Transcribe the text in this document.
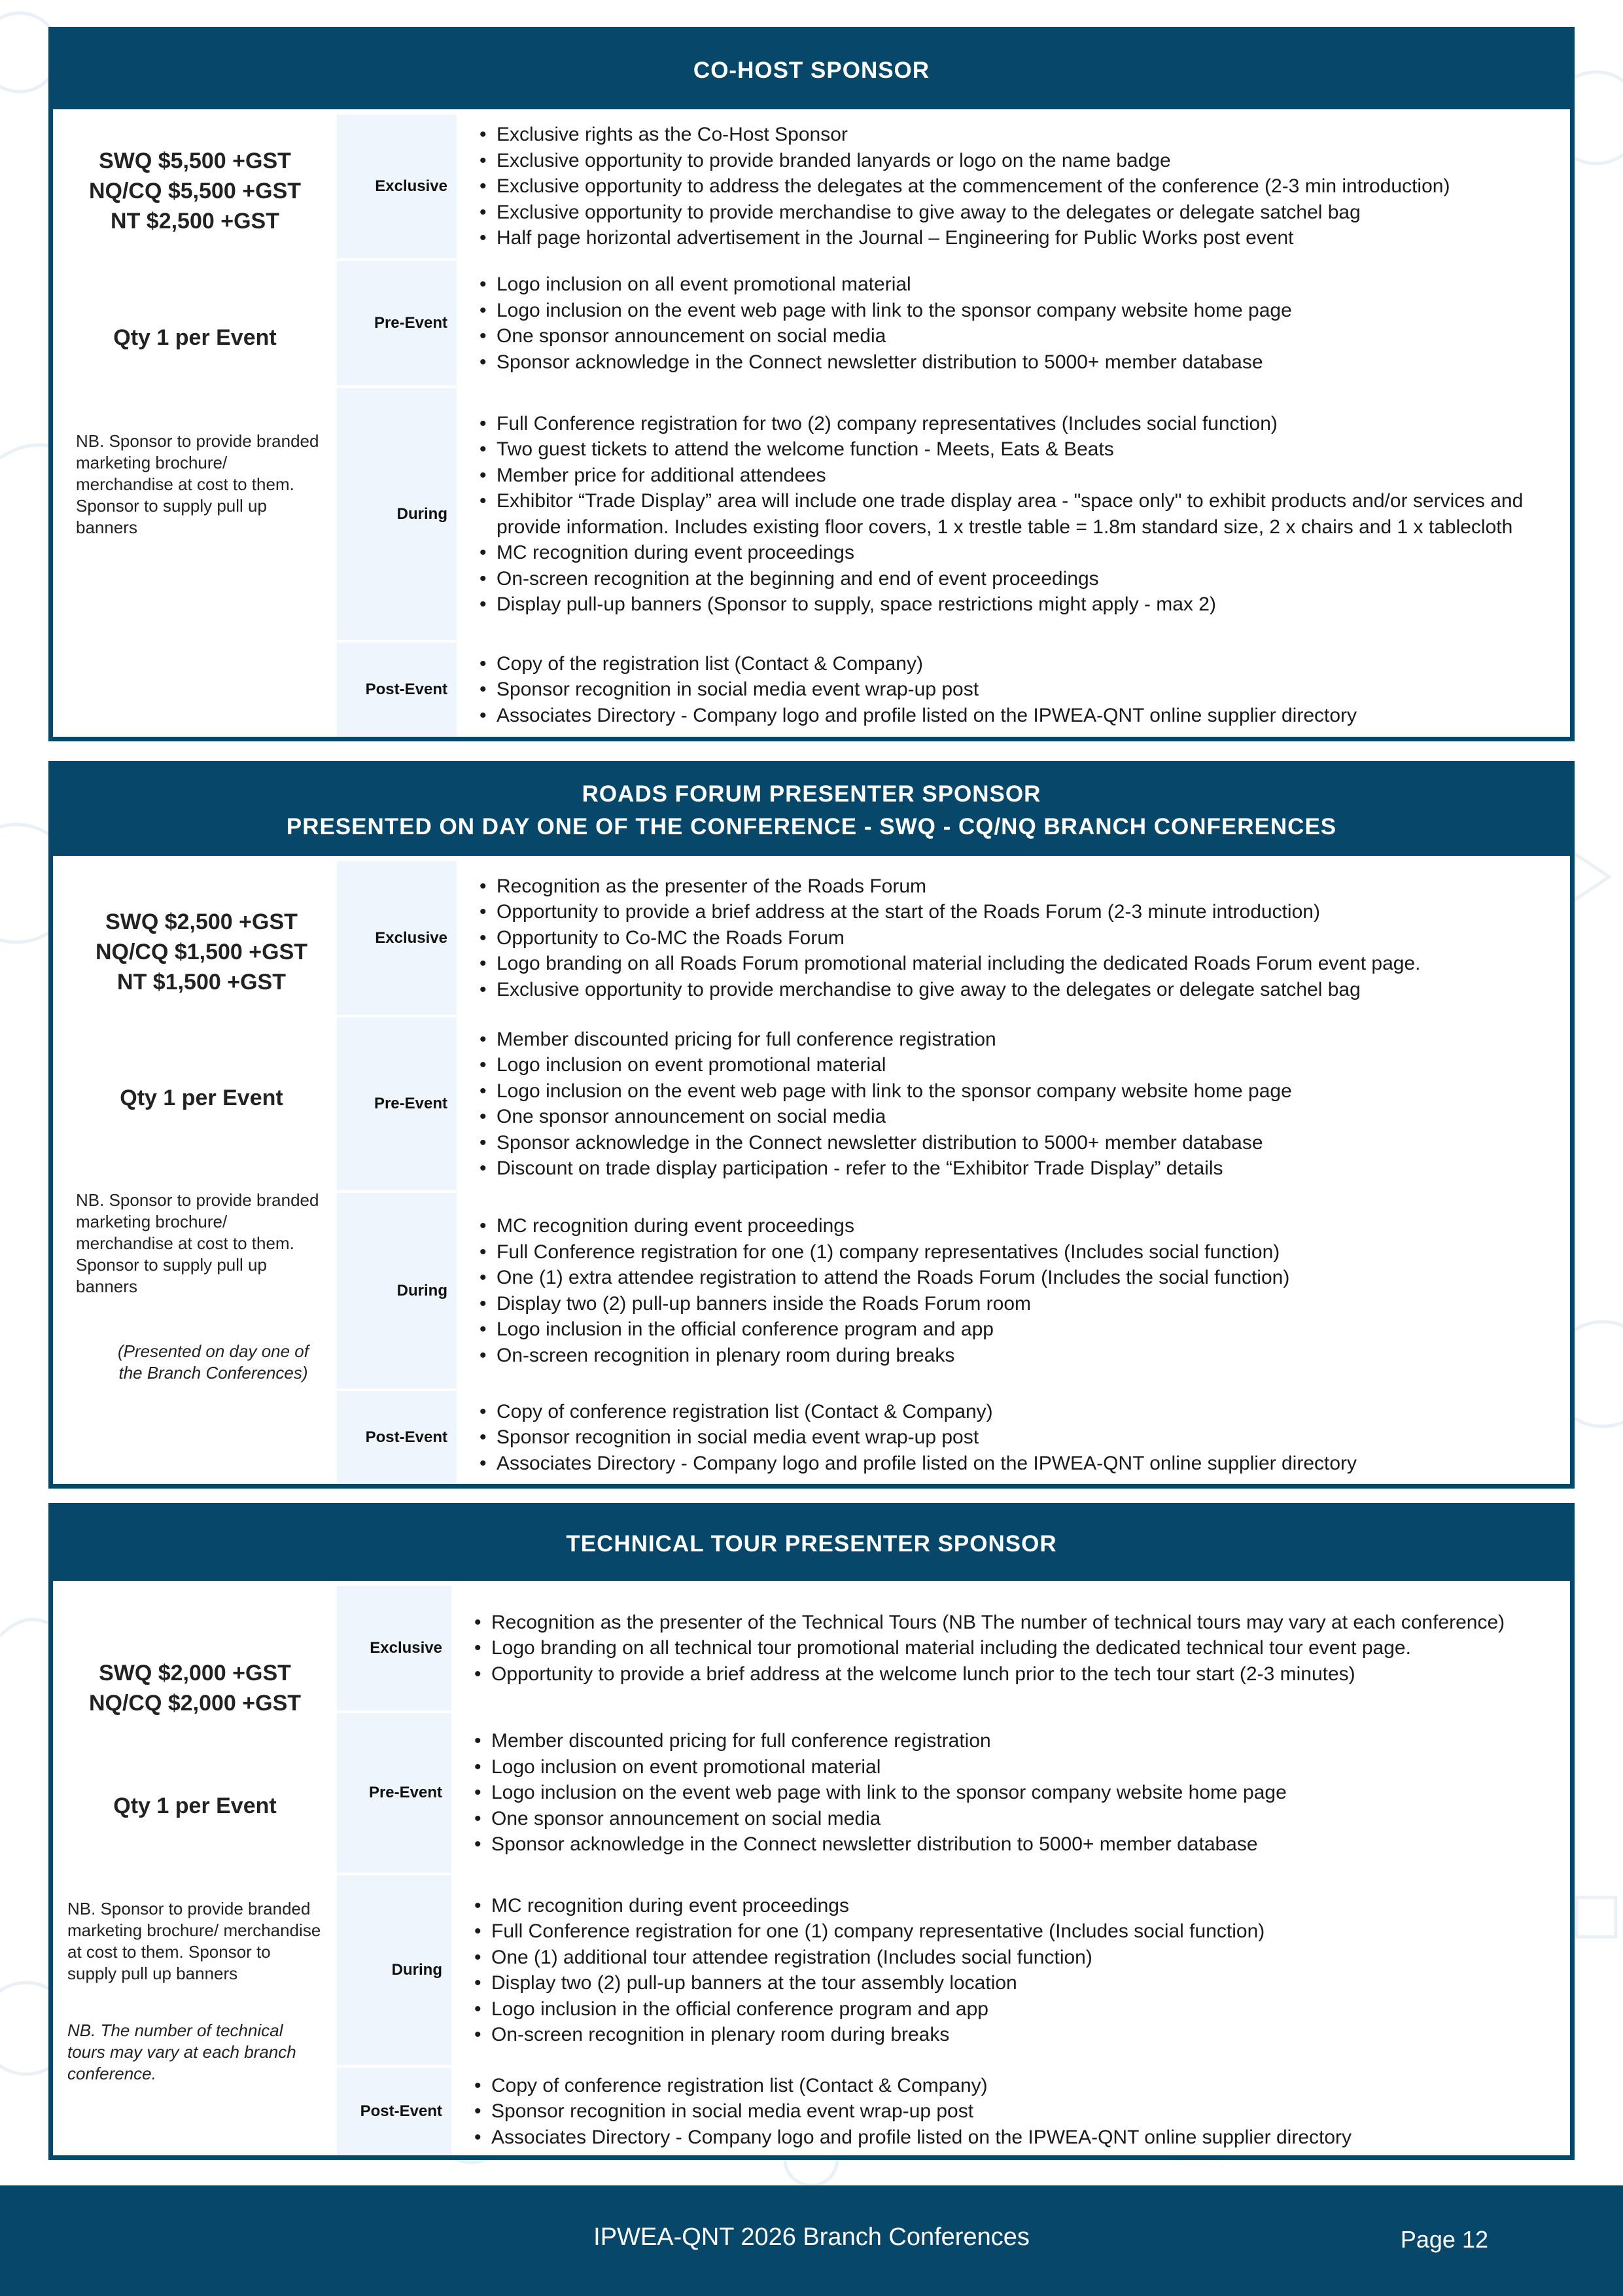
CO-HOST SPONSOR
SWQ $5,500 +GST
NQ/CQ $5,500 +GST
NT $2,500 +GST
Qty 1 per Event
NB. Sponsor to provide branded marketing brochure/ merchandise at cost to them. Sponsor to supply pull up banners
Exclusive
• Exclusive rights as the Co-Host Sponsor
• Exclusive opportunity to provide branded lanyards or logo on the name badge
• Exclusive opportunity to address the delegates at the commencement of the conference (2-3 min introduction)
• Exclusive opportunity to provide merchandise to give away to the delegates or delegate satchel bag
• Half page horizontal advertisement in the Journal – Engineering for Public Works post event
Pre-Event
• Logo inclusion on all event promotional material
• Logo inclusion on the event web page with link to the sponsor company website home page
• One sponsor announcement on social media
• Sponsor acknowledge in the Connect newsletter distribution to 5000+ member database
During
• Full Conference registration for two (2) company representatives (Includes social function)
• Two guest tickets to attend the welcome function - Meets, Eats & Beats
• Member price for additional attendees
• Exhibitor “Trade Display” area will include one trade display area - "space only" to exhibit products and/or services and provide information. Includes existing floor covers, 1 x trestle table = 1.8m standard size, 2 x chairs and 1 x tablecloth
• MC recognition during event proceedings
• On-screen recognition at the beginning and end of event proceedings
• Display pull-up banners (Sponsor to supply, space restrictions might apply - max 2)
Post-Event
• Copy of the registration list (Contact & Company)
• Sponsor recognition in social media event wrap-up post
• Associates Directory - Company logo and profile listed on the IPWEA-QNT online supplier directory
ROADS FORUM PRESENTER SPONSOR
PRESENTED ON DAY ONE OF THE CONFERENCE - SWQ - CQ/NQ BRANCH CONFERENCES
SWQ $2,500 +GST
NQ/CQ $1,500 +GST
NT $1,500 +GST
Qty 1 per Event
NB. Sponsor to provide branded marketing brochure/ merchandise at cost to them. Sponsor to supply pull up banners
(Presented on day one of the Branch Conferences)
Exclusive
• Recognition as the presenter of the Roads Forum
• Opportunity to provide a brief address at the start of the Roads Forum (2-3 minute introduction)
• Opportunity to Co-MC the Roads Forum
• Logo branding on all Roads Forum promotional material including the dedicated Roads Forum event page.
• Exclusive opportunity to provide merchandise to give away to the delegates or delegate satchel bag
Pre-Event
• Member discounted pricing for full conference registration
• Logo inclusion on event promotional material
• Logo inclusion on the event web page with link to the sponsor company website home page
• One sponsor announcement on social media
• Sponsor acknowledge in the Connect newsletter distribution to 5000+ member database
• Discount on trade display participation - refer to the “Exhibitor Trade Display” details
During
• MC recognition during event proceedings
• Full Conference registration for one (1) company representatives (Includes social function)
• One (1) extra attendee registration to attend the Roads Forum (Includes the social function)
• Display two (2) pull-up banners inside the Roads Forum room
• Logo inclusion in the official conference program and app
• On-screen recognition in plenary room during breaks
Post-Event
• Copy of conference registration list (Contact & Company)
• Sponsor recognition in social media event wrap-up post
• Associates Directory - Company logo and profile listed on the IPWEA-QNT online supplier directory
TECHNICAL TOUR PRESENTER SPONSOR
SWQ $2,000 +GST
NQ/CQ $2,000 +GST
Qty 1 per Event
NB. Sponsor to provide branded marketing brochure/ merchandise at cost to them. Sponsor to supply pull up banners
NB. The number of technical tours may vary at each branch conference.
Exclusive
• Recognition as the presenter of the Technical Tours (NB The number of technical tours may vary at each conference)
• Logo branding on all technical tour promotional material including the dedicated technical tour event page.
• Opportunity to provide a brief address at the welcome lunch prior to the tech tour start (2-3 minutes)
Pre-Event
• Member discounted pricing for full conference registration
• Logo inclusion on event promotional material
• Logo inclusion on the event web page with link to the sponsor company website home page
• One sponsor announcement on social media
• Sponsor acknowledge in the Connect newsletter distribution to 5000+ member database
During
• MC recognition during event proceedings
• Full Conference registration for one (1) company representative (Includes social function)
• One (1) additional tour attendee registration (Includes social function)
• Display two (2) pull-up banners at the tour assembly location
• Logo inclusion in the official conference program and app
• On-screen recognition in plenary room during breaks
Post-Event
• Copy of conference registration list (Contact & Company)
• Sponsor recognition in social media event wrap-up post
• Associates Directory - Company logo and profile listed on the IPWEA-QNT online supplier directory
IPWEA-QNT 2026 Branch Conferences	Page 12
